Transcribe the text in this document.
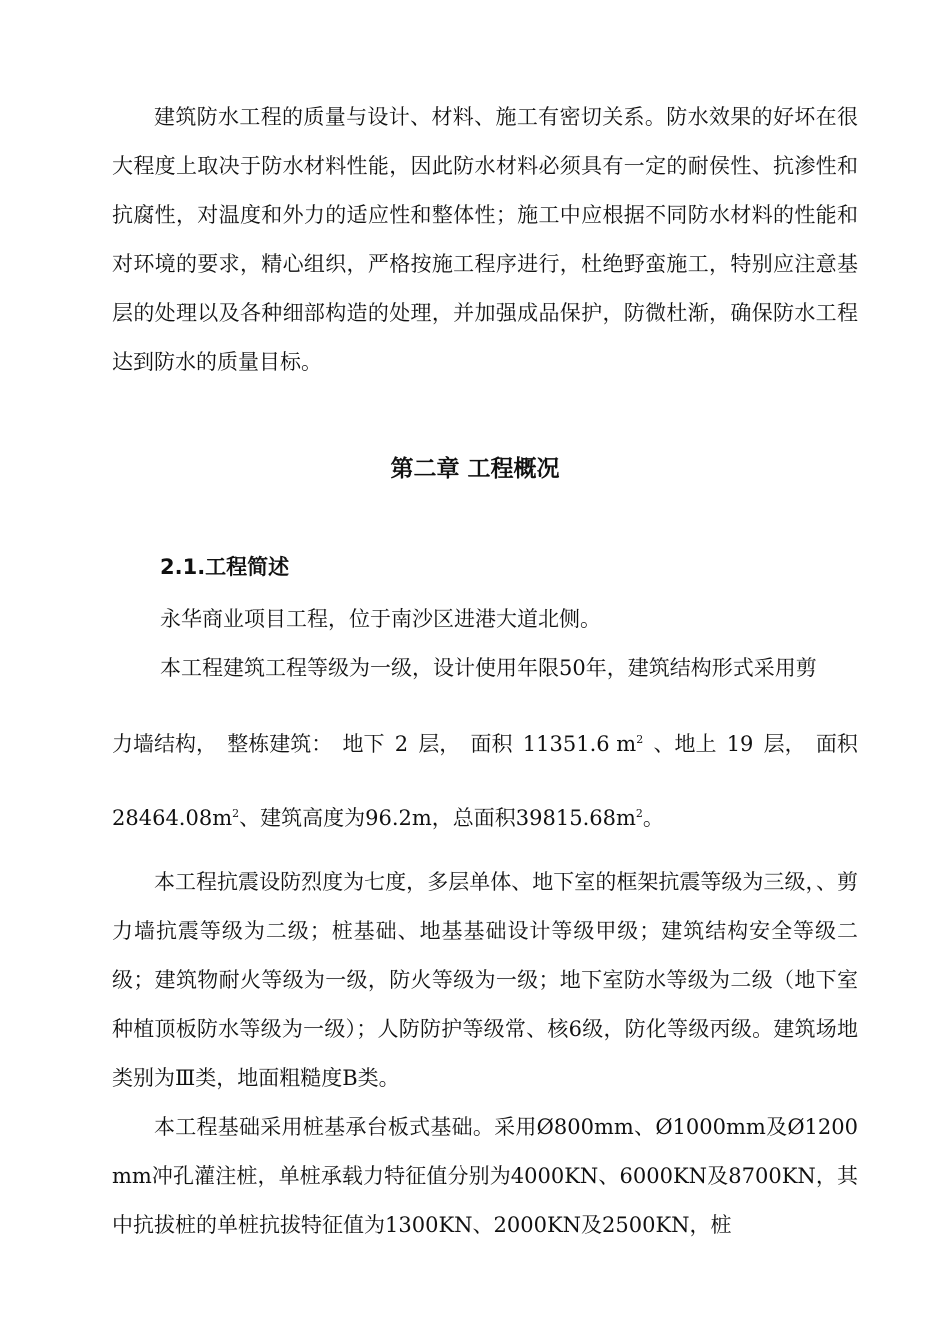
建筑防水工程的质量与设计、材料、施工有密切关系。防水效果的好坏在很大程度上取决于防水材料性能，因此防水材料必须具有一定的耐侯性、抗渗性和抗腐性，对温度和外力的适应性和整体性；施工中应根据不同防水材料的性能和对环境的要求，精心组织，严格按施工程序进行，杜绝野蛮施工，特别应注意基层的处理以及各种细部构造的处理，并加强成品保护，防微杜渐，确保防水工程达到防水的质量目标。

第二章 工程概况
2.1.工程简述

永华商业项目工程，位于南沙区进港大道北侧。

本工程建筑工程等级为一级，设计使用年限50年，建筑结构形式采用剪

力墙结构， 整栋建筑： 地下 2 层， 面积 11351.6 $m^2$ 、地上 19 层， 面积

$28464.08m^2$、建筑高度为96.2m，总面积$39815.68m^2$。

本工程抗震设防烈度为七度，多层单体、地下室的框架抗震等级为三级，、剪力墙抗震等级为二级；桩基础、地基基础设计等级甲级；建筑结构安全等级二级；建筑物耐火等级为一级，防火等级为一级；地下室防水等级为二级（地下室种植顶板防水等级为一级）；人防防护等级常、核6级，防化等级丙级。建筑场地类别为Ⅲ类，地面粗糙度B类。

本工程基础采用桩基承台板式基础。采用Ø800mm、Ø1000mm及Ø1200mm冲孔灌注桩，单桩承载力特征值分别为4000KN、6000KN及8700KN，其中抗拔桩的单桩抗拔特征值为1300KN、2000KN及2500KN，桩
